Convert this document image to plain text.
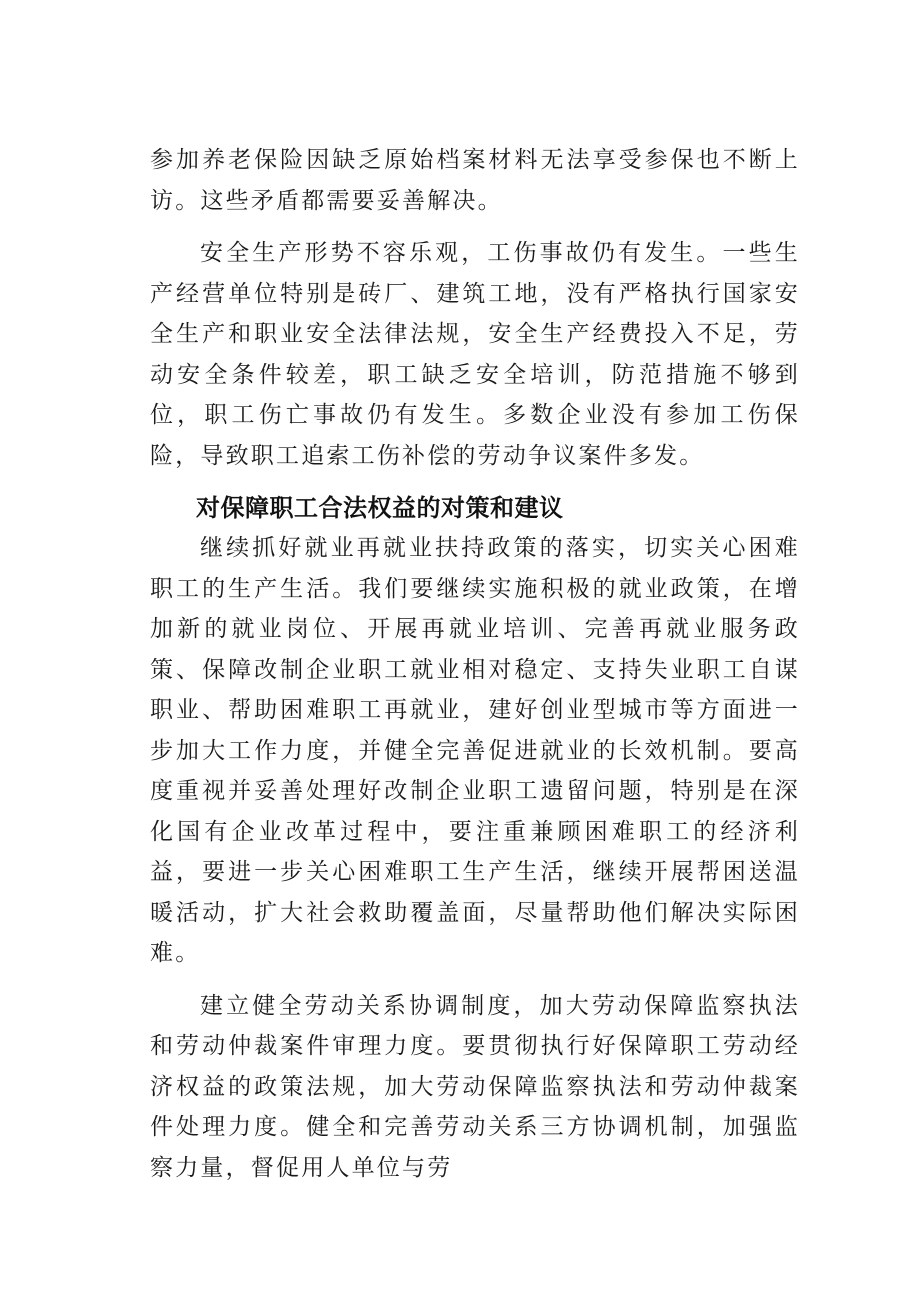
参加养老保险因缺乏原始档案材料无法享受参保也不断上访。这些矛盾都需要妥善解决。

安全生产形势不容乐观，工伤事故仍有发生。一些生产经营单位特别是砖厂、建筑工地，没有严格执行国家安全生产和职业安全法律法规，安全生产经费投入不足，劳动安全条件较差，职工缺乏安全培训，防范措施不够到位，职工伤亡事故仍有发生。多数企业没有参加工伤保险，导致职工追索工伤补偿的劳动争议案件多发。

对保障职工合法权益的对策和建议

继续抓好就业再就业扶持政策的落实，切实关心困难职工的生产生活。我们要继续实施积极的就业政策，在增加新的就业岗位、开展再就业培训、完善再就业服务政策、保障改制企业职工就业相对稳定、支持失业职工自谋职业、帮助困难职工再就业，建好创业型城市等方面进一步加大工作力度，并健全完善促进就业的长效机制。要高度重视并妥善处理好改制企业职工遗留问题，特别是在深化国有企业改革过程中，要注重兼顾困难职工的经济利益，要进一步关心困难职工生产生活，继续开展帮困送温暖活动，扩大社会救助覆盖面，尽量帮助他们解决实际困难。

建立健全劳动关系协调制度，加大劳动保障监察执法和劳动仲裁案件审理力度。要贯彻执行好保障职工劳动经济权益的政策法规，加大劳动保障监察执法和劳动仲裁案件处理力度。健全和完善劳动关系三方协调机制，加强监察力量，督促用人单位与劳
